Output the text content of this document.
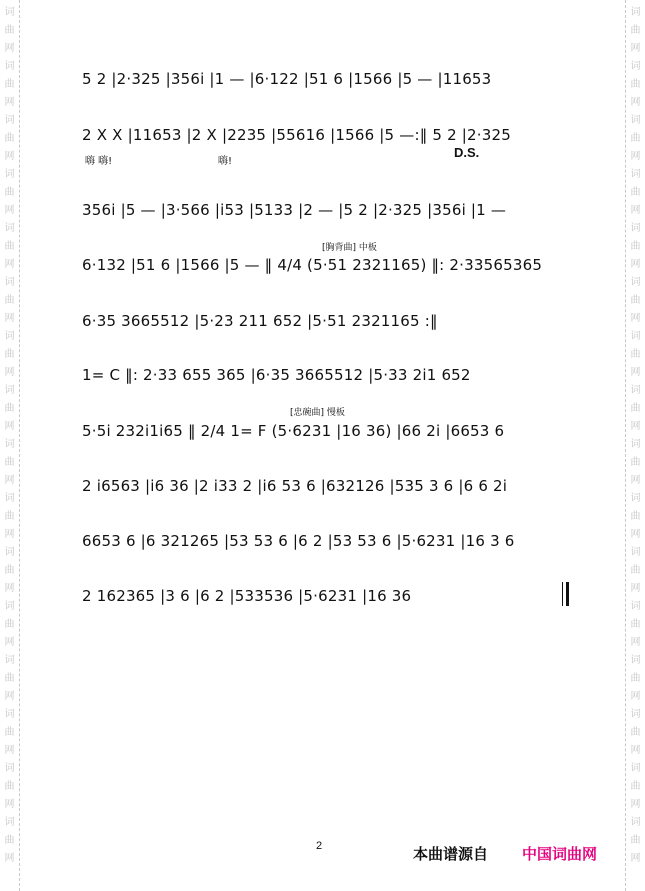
词
曲
网
词
曲
网
词
曲
网
词
曲
网
词
曲
网
词
曲
网
词
曲
网
词
曲
网
词
曲
网
词
曲
网
词
曲
网
词
曲
网
词
曲
网
词
曲
网
词
曲
网
词
曲
网
词
曲
网
词
曲
网
词
曲
网
词
曲
网
词
曲
网
词
曲
网
词
曲
网
词
曲
网
词
曲
网
词
曲
网
词
曲
网
词
曲
网
词
曲
网
词
曲
网
词
曲
网
词
曲
网
5 2 |2·325 |356i |1 — |6·122 |51 6 |1566 |5 — |11653
2 X X |11653 |2 X |2235 |55616 |1566 |5 —:‖ 5 2 |2·325
356i |5 — |3·566 |i53 |5133 |2 — |5 2 |2·325 |356i |1 —
6·132 |51 6 |1566 |5 — ‖ 4/4 (5·51 2321165) ‖: 2·33565365
6·35 3665512 |5·23 211 652 |5·51 2321165 :‖
1= C ‖: 2·33 655 365 |6·35 3665512 |5·33 2i1 652
5·5i 232i1i65 ‖ 2/4 1= F (5·6231 |16 36) |66 2i |6653 6
2 i6563 |i6 36 |2 i33 2 |i6 53 6 |632126 |535 3 6 |6 6 2i
6653 6 |6 321265 |53 53 6 |6 2 |53 53 6 |5·6231 |16 3 6
2 162365 |3 6 |6 2 |533536 |5·6231 |16 36
嗨 嗨!	嗨!
D.S.
[胸背曲] 中板
[忠碗曲] 慢板
2	本曲谱源自 中国词曲网
